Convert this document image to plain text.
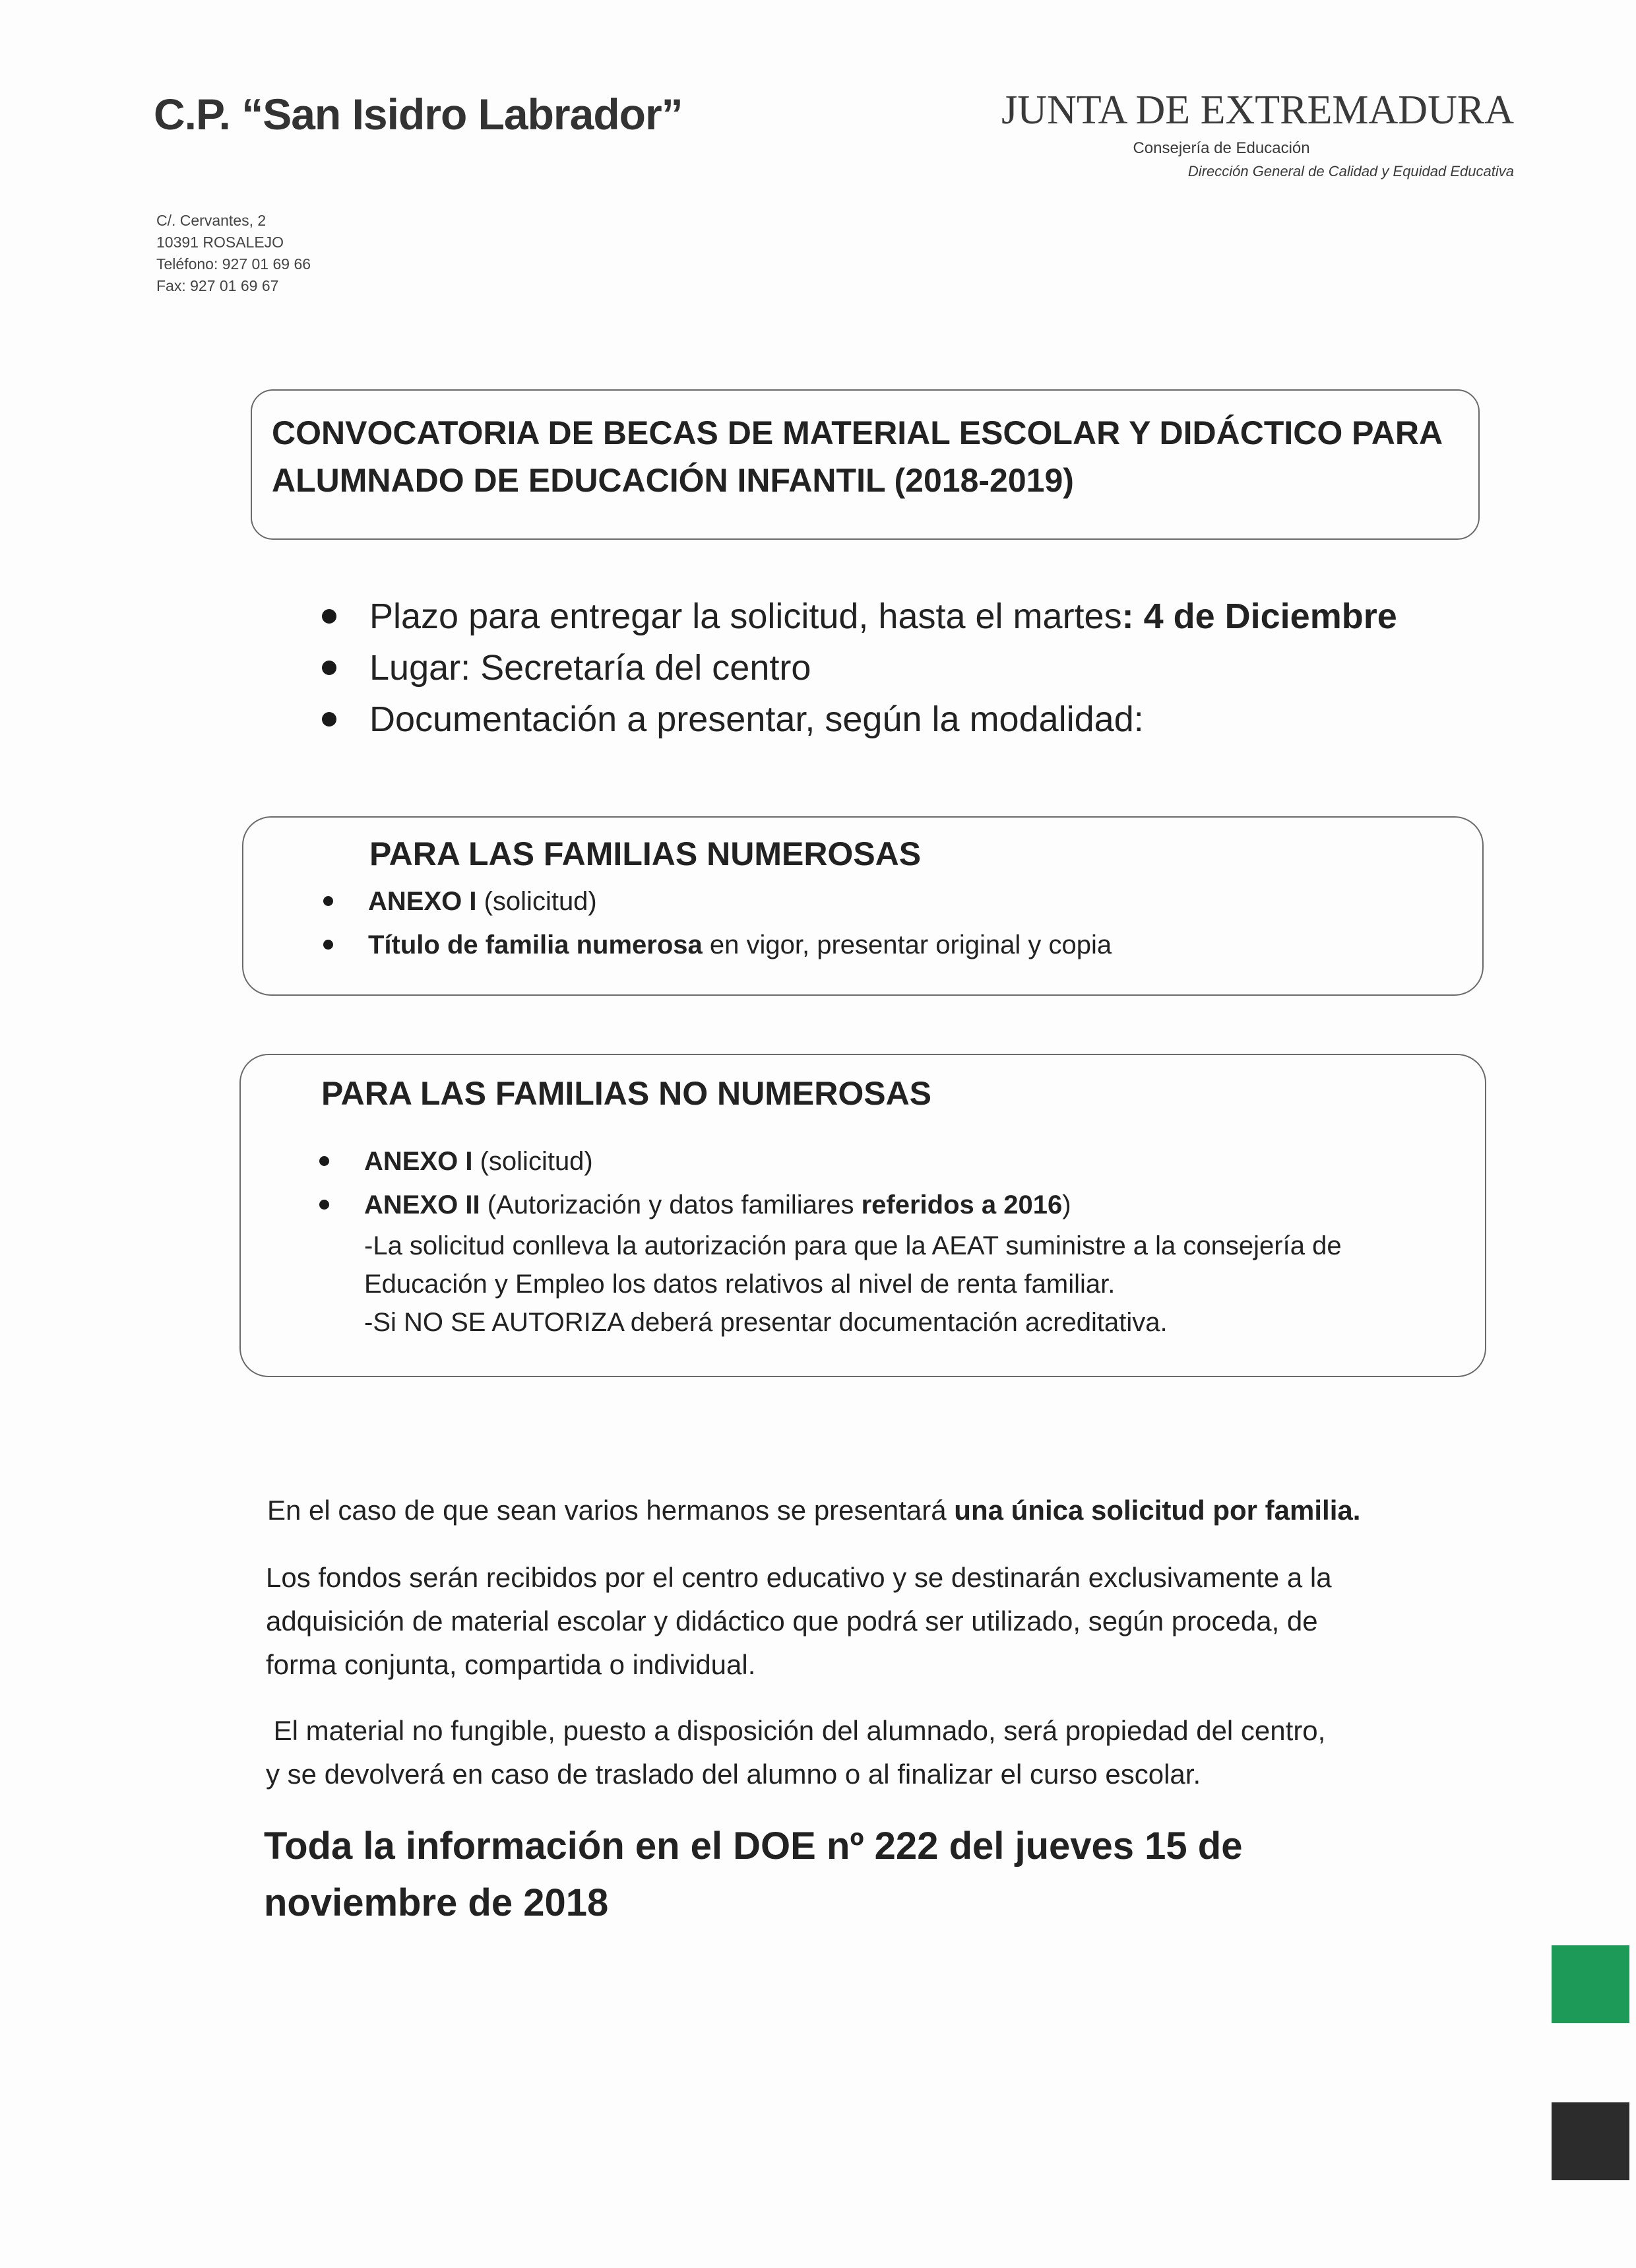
C.P. “San Isidro Labrador”
C/. Cervantes, 2
10391 ROSALEJO
Teléfono: 927 01 69 66
Fax: 927 01 69 67
JUNTA DE EXTREMADURA
Consejería de Educación
Dirección General de Calidad y Equidad Educativa
CONVOCATORIA DE BECAS DE MATERIAL ESCOLAR Y DIDÁCTICO PARA
ALUMNADO DE EDUCACIÓN INFANTIL (2018-2019)
Plazo para entregar la solicitud, hasta el martes: 4 de Diciembre
Lugar: Secretaría del centro
Documentación a presentar, según la modalidad:
PARA LAS FAMILIAS NUMEROSAS
ANEXO I (solicitud)
Título de familia numerosa en vigor, presentar original y copia
PARA LAS FAMILIAS NO NUMEROSAS
ANEXO I (solicitud)
ANEXO II (Autorización y datos familiares referidos a 2016)
-La solicitud conlleva la autorización para que la AEAT suministre a la consejería de
Educación y Empleo los datos relativos al nivel de renta familiar.
-Si NO SE AUTORIZA deberá presentar documentación acreditativa.
En el caso de que sean varios hermanos se presentará una única solicitud por familia.
Los fondos serán recibidos por el centro educativo y se destinarán exclusivamente a la
adquisición de material escolar y didáctico que podrá ser utilizado, según proceda, de
forma conjunta, compartida o individual.
El material no fungible, puesto a disposición del alumnado, será propiedad del centro,
y se devolverá en caso de traslado del alumno o al finalizar el curso escolar.
Toda la información en el DOE nº 222 del jueves 15 de
noviembre de 2018
